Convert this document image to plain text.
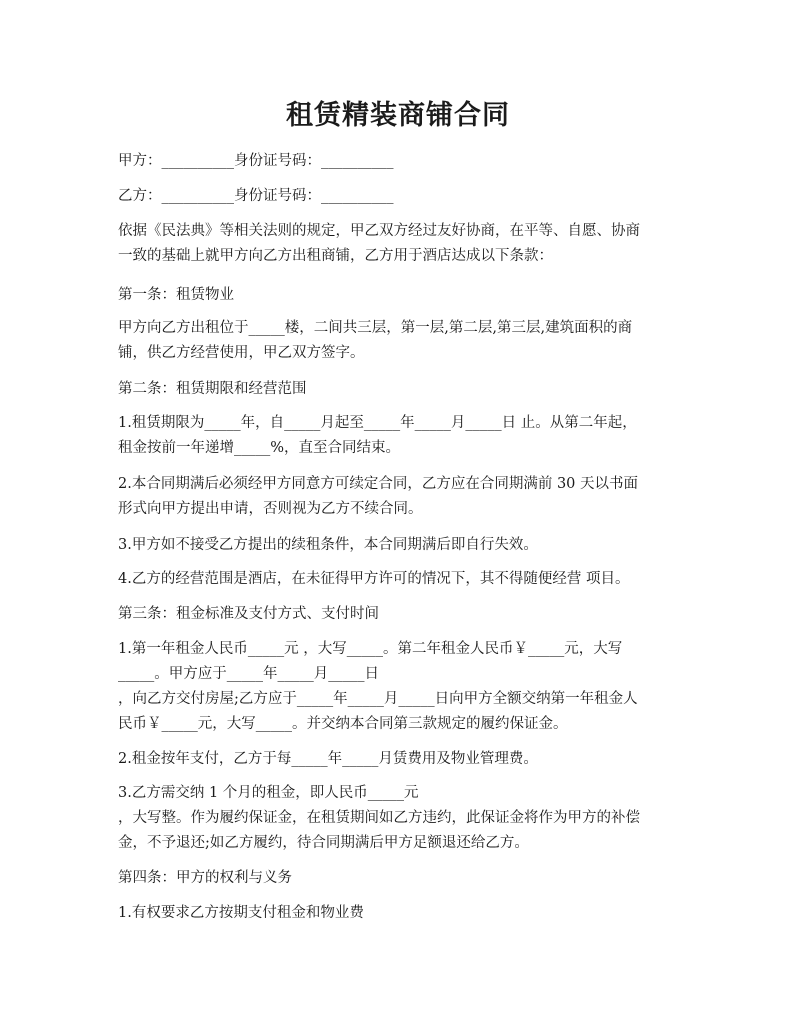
租赁精装商铺合同

甲方：__________身份证号码：__________

乙方：__________身份证号码：__________

依据《民法典》等相关法则的规定，甲乙双方经过友好协商，在平等、自愿、协商
一致的基础上就甲方向乙方出租商铺，乙方用于酒店达成以下条款：

第一条：租赁物业

甲方向乙方出租位于_____楼，二间共三层，第一层,第二层,第三层,建筑面积的商
铺，供乙方经营使用，甲乙双方签字。

第二条：租赁期限和经营范围

1.租赁期限为_____年，自_____月起至_____年_____月_____日 止。从第二年起，
租金按前一年递增_____%，直至合同结束。

2.本合同期满后必须经甲方同意方可续定合同，乙方应在合同期满前 30 天以书面
形式向甲方提出申请，否则视为乙方不续合同。

3.甲方如不接受乙方提出的续租条件，本合同期满后即自行失效。

4.乙方的经营范围是酒店，在未征得甲方许可的情况下，其不得随便经营 项目。

第三条：租金标准及支付方式、支付时间

1.第一年租金人民币_____元 ，大写_____。第二年租金人民币￥_____元，大写
_____。甲方应于_____年_____月_____日
，向乙方交付房屋;乙方应于_____年_____月_____日向甲方全额交纳第一年租金人
民币￥_____元，大写_____。并交纳本合同第三款规定的履约保证金。

2.租金按年支付，乙方于每_____年_____月赁费用及物业管理费。

3.乙方需交纳 1 个月的租金，即人民币_____元
，大写整。作为履约保证金，在租赁期间如乙方违约，此保证金将作为甲方的补偿
金，不予退还;如乙方履约，待合同期满后甲方足额退还给乙方。

第四条：甲方的权利与义务

1.有权要求乙方按期支付租金和物业费
